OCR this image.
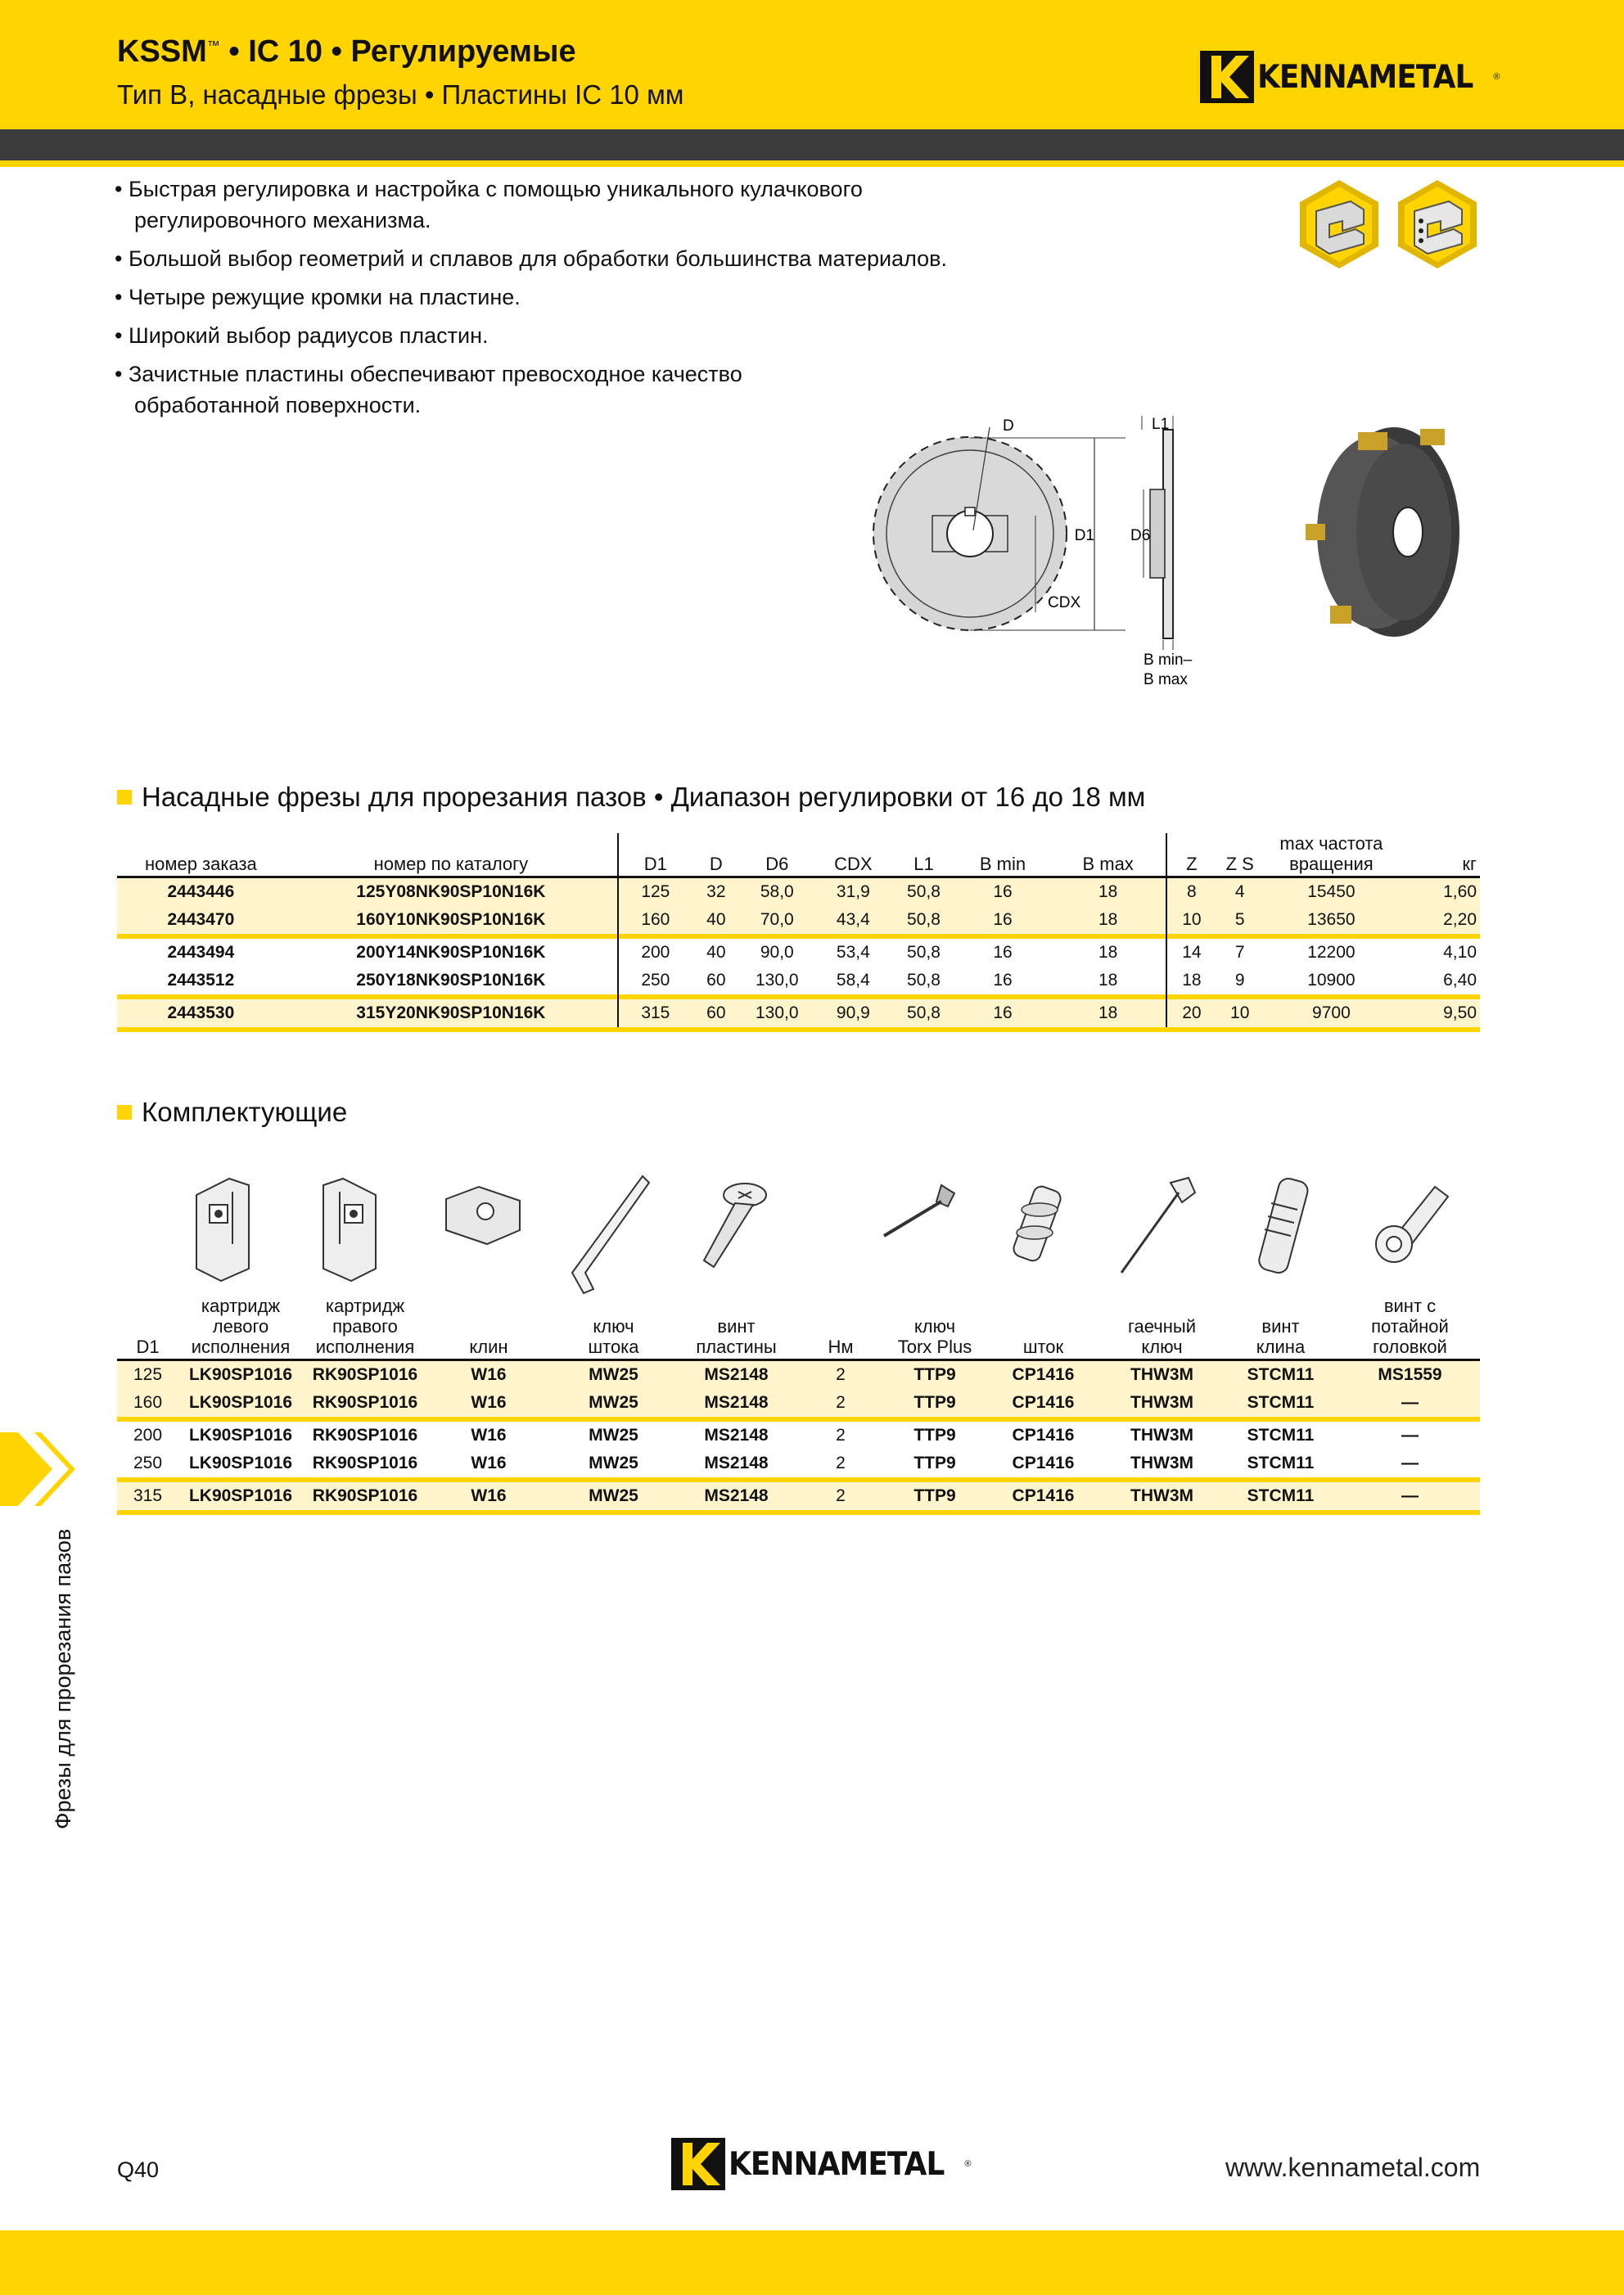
KSSM™ • IC 10 • Регулируемые
Тип B, насадные фрезы • Пластины IC 10 мм	KENNAMETAL ®
• Быстрая регулировка и настройка с помощью уникального кулачкового регулировочного механизма.
• Большой выбор геометрий и сплавов для обработки большинства материалов.
• Четыре режущие кромки на пластине.
• Широкий выбор радиусов пластин.
• Зачистные пластины обеспечивают превосходное качество обработанной поверхности.
D
D1
CDX
D6
L1
B min–
B max
Насадные фрезы для прорезания пазов • Диапазон регулировки от 16 до 18 мм
номер заказа	номер по каталогу	D1	D	D6	CDX	L1	B min	B max	Z	Z S	max частота
вращения	кг
2443446	125Y08NK90SP10N16K	125	32	58,0	31,9	50,8	16	18	8	4	15450	1,60
2443470	160Y10NK90SP10N16K	160	40	70,0	43,4	50,8	16	18	10	5	13650	2,20

2443494	200Y14NK90SP10N16K	200	40	90,0	53,4	50,8	16	18	14	7	12200	4,10
2443512	250Y18NK90SP10N16K	250	60	130,0	58,4	50,8	16	18	18	9	10900	6,40

2443530	315Y20NK90SP10N16K	315	60	130,0	90,9	50,8	16	18	20	10	9700	9,50

Комплектующие
D1	картридж
левого
исполнения	картридж
правого
исполнения	клин	ключ
штока	винт
пластины	Нм	ключ
Torx Plus	шток	гаечный
ключ	винт
клина	винт с
потайной
головкой
125	LK90SP1016	RK90SP1016	W16	MW25	MS2148	2	TTP9	CP1416	THW3M	STCM11	MS1559
160	LK90SP1016	RK90SP1016	W16	MW25	MS2148	2	TTP9	CP1416	THW3M	STCM11	—

200	LK90SP1016	RK90SP1016	W16	MW25	MS2148	2	TTP9	CP1416	THW3M	STCM11	—
250	LK90SP1016	RK90SP1016	W16	MW25	MS2148	2	TTP9	CP1416	THW3M	STCM11	—

315	LK90SP1016	RK90SP1016	W16	MW25	MS2148	2	TTP9	CP1416	THW3M	STCM11	—

Фрезы для прорезания пазов
Q40	KENNAMETAL ®	www.kennametal.com
